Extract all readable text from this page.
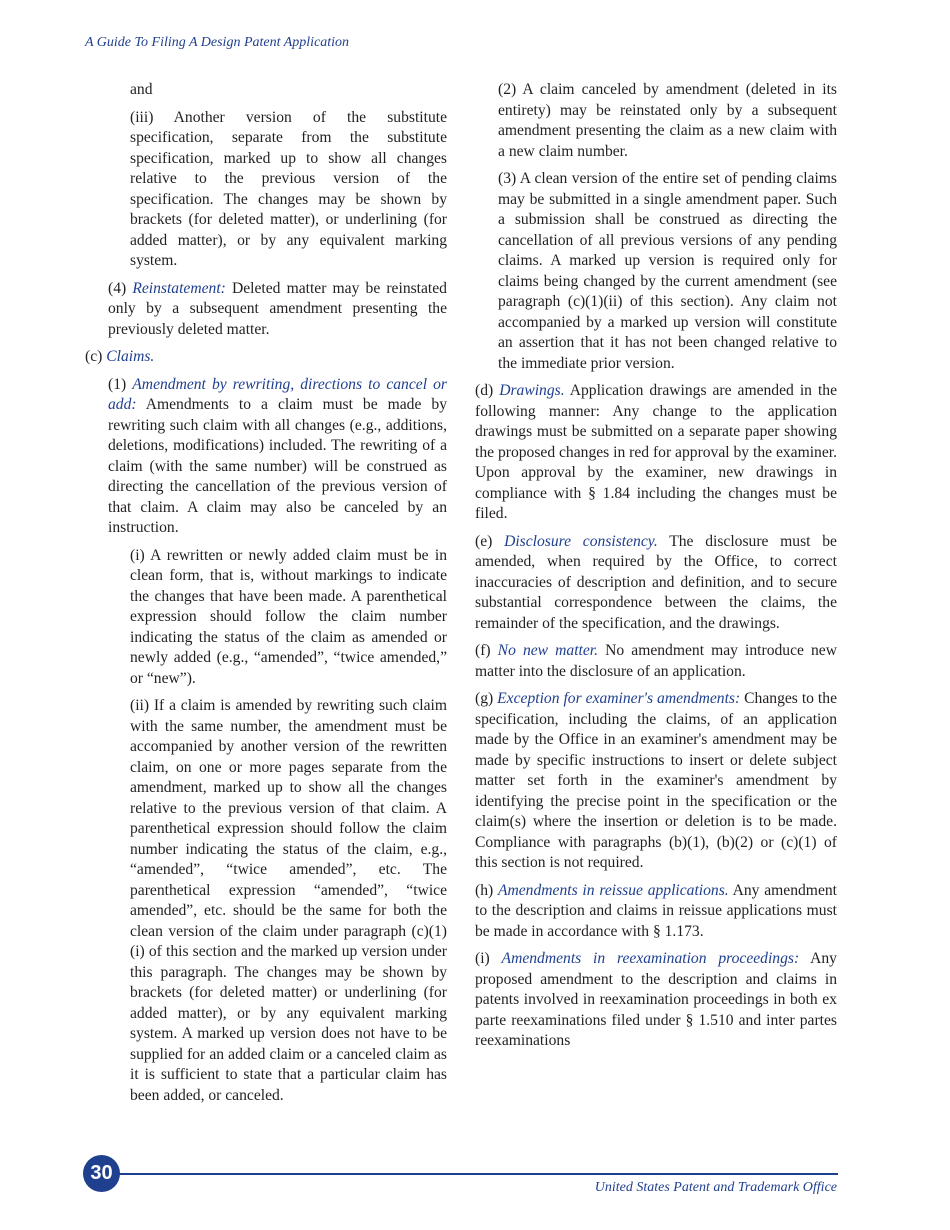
A Guide To Filing A Design Patent Application

and

(iii) Another version of the substitute specification, separate from the substitute specification, marked up to show all changes relative to the previous version of the specification. The changes may be shown by brackets (for deleted matter), or underlining (for added matter), or by any equivalent marking system.

(4) Reinstatement: Deleted matter may be reinstated only by a subsequent amendment presenting the previously deleted matter.

(c) Claims.

(1) Amendment by rewriting, directions to cancel or add: Amendments to a claim must be made by rewriting such claim with all changes (e.g., additions, deletions, modifications) included. The rewriting of a claim (with the same number) will be construed as directing the cancellation of the previous version of that claim. A claim may also be canceled by an instruction.

(i) A rewritten or newly added claim must be in clean form, that is, without markings to indicate the changes that have been made. A parenthetical expression should follow the claim number indicating the status of the claim as amended or newly added (e.g., “amended”, “twice amended,” or “new”).

(ii) If a claim is amended by rewriting such claim with the same number, the amendment must be accompanied by another version of the rewritten claim, on one or more pages separate from the amendment, marked up to show all the changes relative to the previous version of that claim. A parenthetical expression should follow the claim number indicating the status of the claim, e.g., “amended”, “twice amended”, etc. The parenthetical expression “amended”, “twice amended”, etc. should be the same for both the clean version of the claim under paragraph (c)(1)(i) of this section and the marked up version under this paragraph. The changes may be shown by brackets (for deleted matter) or underlining (for added matter), or by any equivalent marking system. A marked up version does not have to be supplied for an added claim or a canceled claim as it is sufficient to state that a particular claim has been added, or canceled.

(2) A claim canceled by amendment (deleted in its entirety) may be reinstated only by a subsequent amendment presenting the claim as a new claim with a new claim number.

(3) A clean version of the entire set of pending claims may be submitted in a single amendment paper. Such a submission shall be construed as directing the cancellation of all previous versions of any pending claims. A marked up version is required only for claims being changed by the current amendment (see paragraph (c)(1)(ii) of this section). Any claim not accompanied by a marked up version will constitute an assertion that it has not been changed relative to the immediate prior version.

(d) Drawings. Application drawings are amended in the following manner: Any change to the application drawings must be submitted on a separate paper showing the proposed changes in red for approval by the examiner. Upon approval by the examiner, new drawings in compliance with § 1.84 including the changes must be filed.

(e) Disclosure consistency. The disclosure must be amended, when required by the Office, to correct inaccuracies of description and definition, and to secure substantial correspondence between the claims, the remainder of the specification, and the drawings.

(f) No new matter. No amendment may introduce new matter into the disclosure of an application.

(g) Exception for examiner's amendments: Changes to the specification, including the claims, of an application made by the Office in an examiner's amendment may be made by specific instructions to insert or delete subject matter set forth in the examiner's amendment by identifying the precise point in the specification or the claim(s) where the insertion or deletion is to be made. Compliance with paragraphs (b)(1), (b)(2) or (c)(1) of this section is not required.

(h) Amendments in reissue applications. Any amendment to the description and claims in reissue applications must be made in accordance with § 1.173.

(i) Amendments in reexamination proceedings: Any proposed amendment to the description and claims in patents involved in reexamination proceedings in both ex parte reexaminations filed under § 1.510 and inter partes reexaminations

30
United States Patent and Trademark Office
